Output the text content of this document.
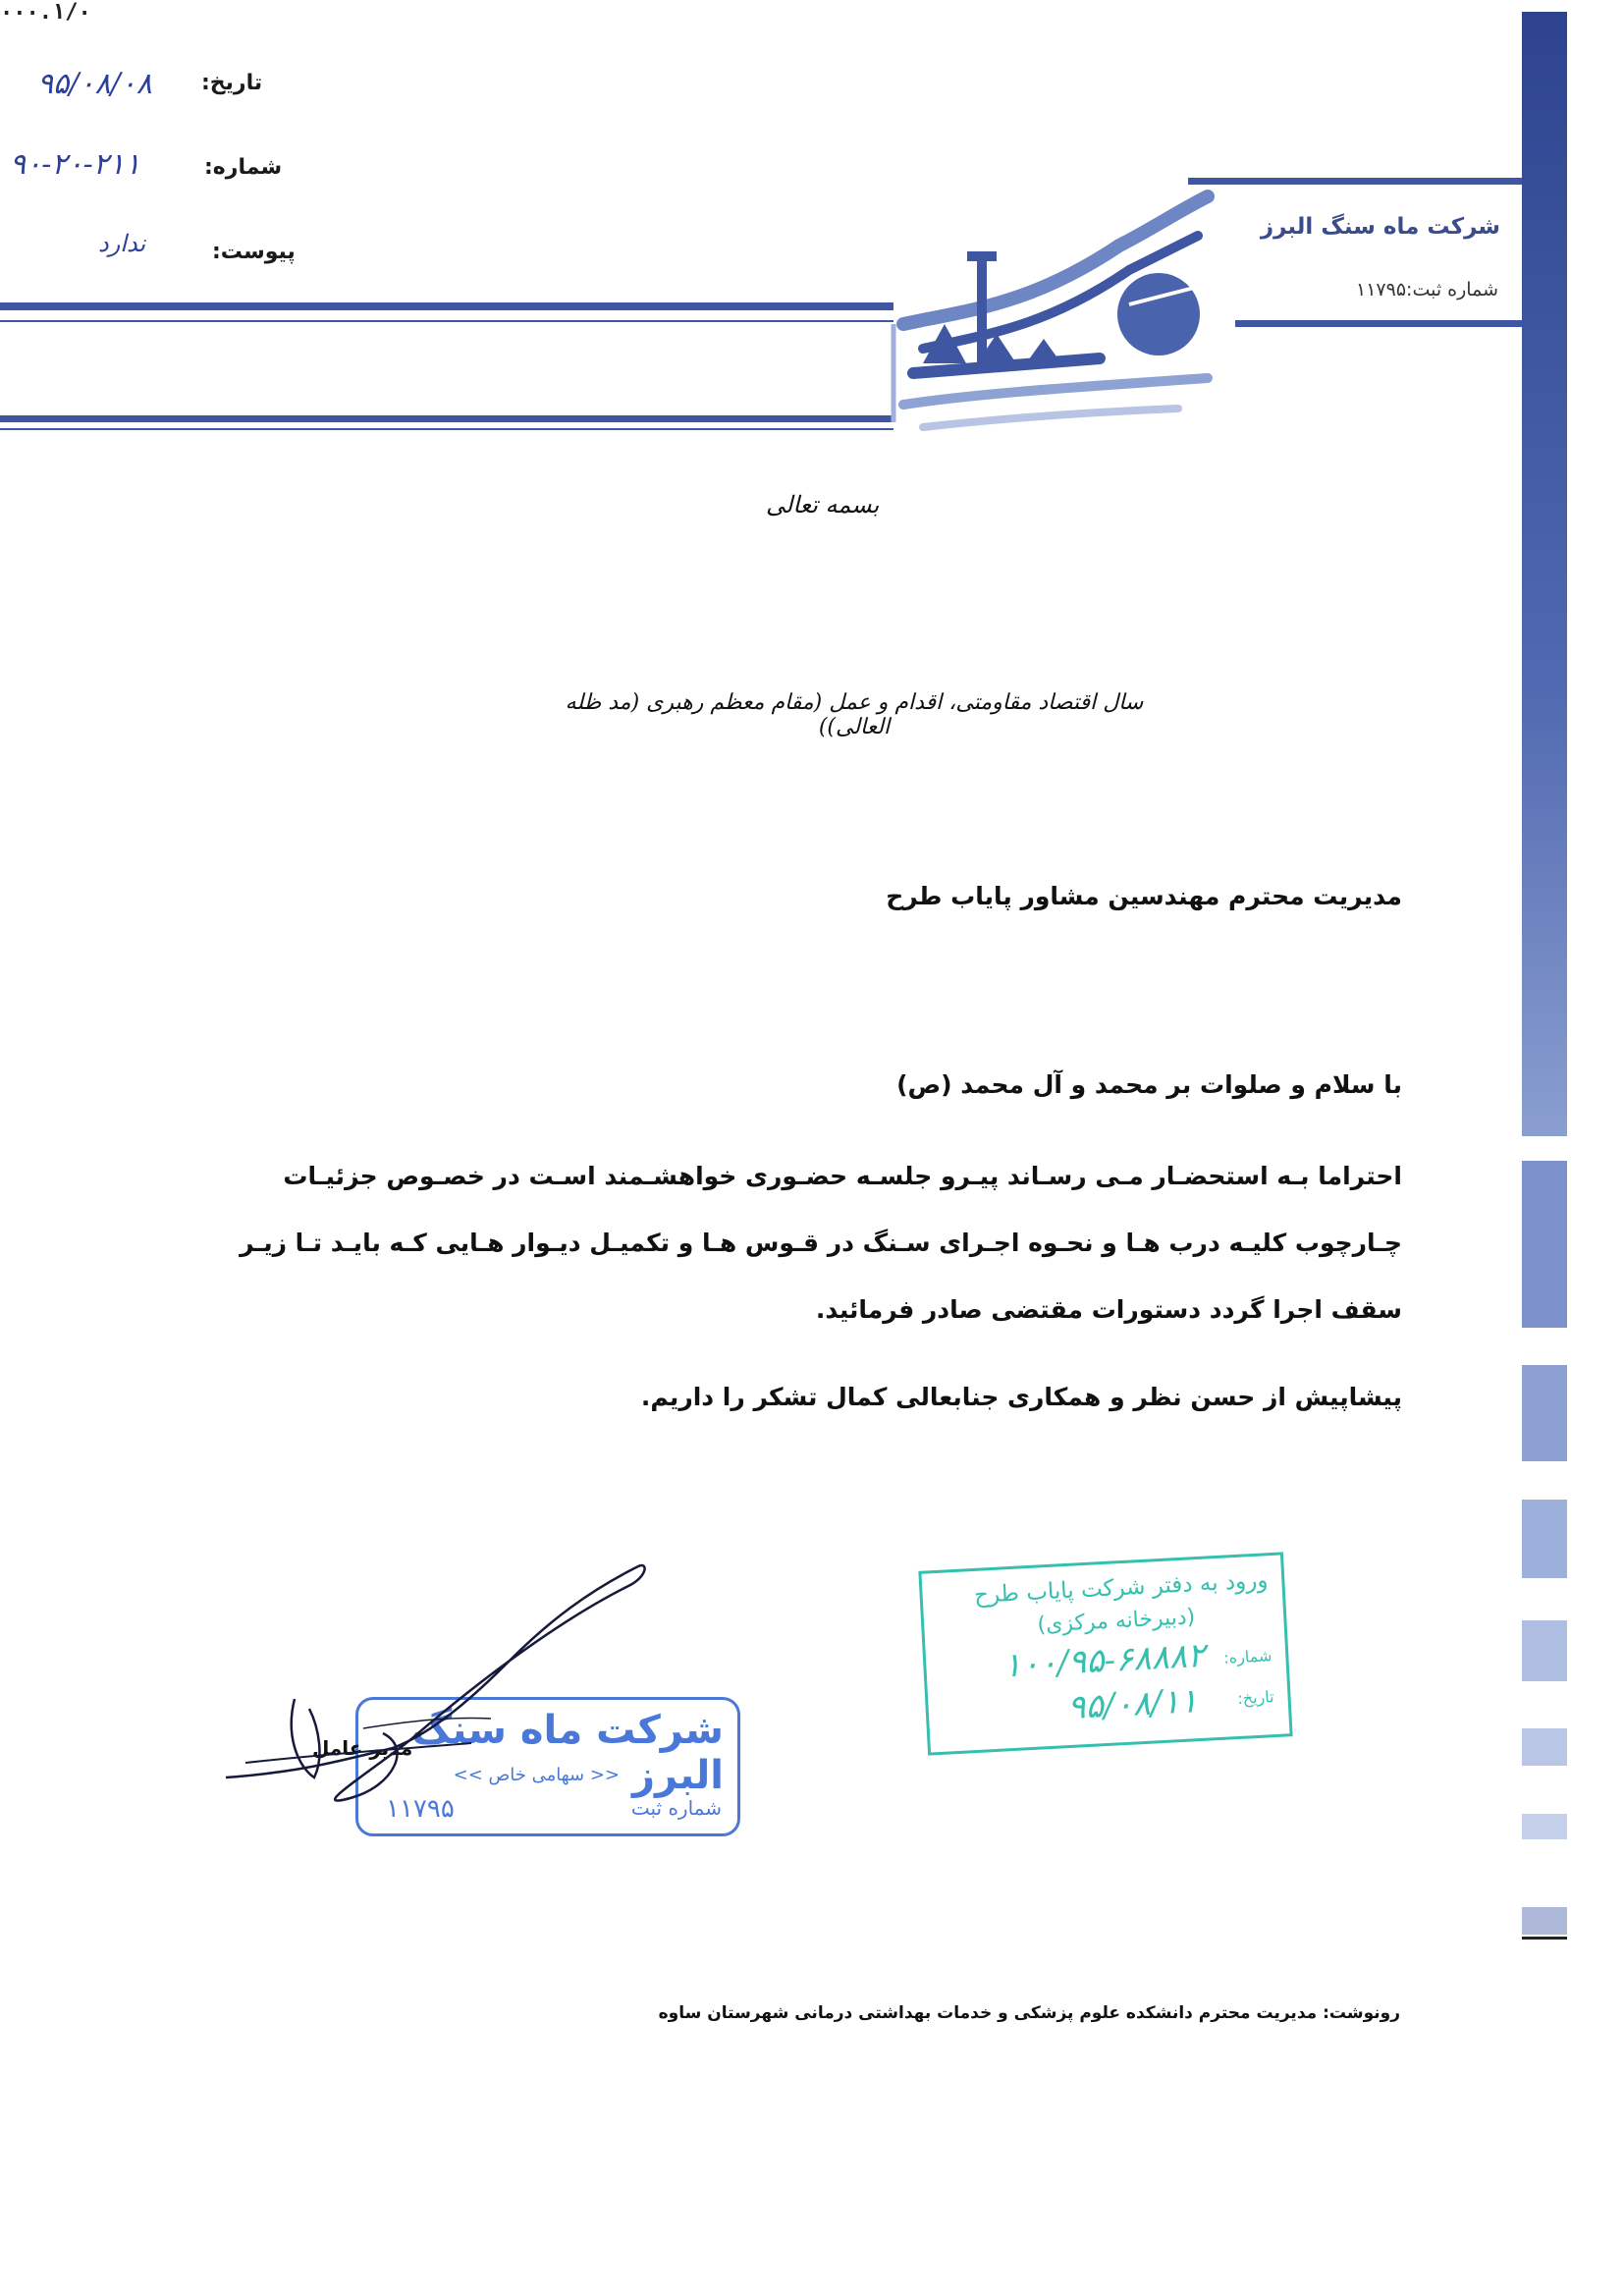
۰۰۰.۱/۰
تاریخ:
۹۵/۰۸/۰۸
شماره:
۹۰-۲۰-۲۱۱
پیوست:
ندارد
شرکت ماه سنگ البرز
شماره ثبت:۱۱۷۹۵
بسمه تعالی
سال اقتصاد مقاومتی، اقدام و عمل (مقام معظم رهبری (مد ظله العالی))
مدیریت محترم مهندسین مشاور پایاب طرح
با سلام و صلوات بر محمد و آل محمد (ص)
احتراما بـه استحضـار مـی رسـاند پیـرو جلسـه حضـوری خواهشـمند اسـت در خصـوص جزئیـات
چـارچوب کلیـه درب هـا و نحـوه اجـرای سـنگ در قـوس هـا و تکمیـل دیـوار هـایی کـه بایـد تـا زیـر
سقف اجرا گردد دستورات مقتضی صادر فرمائید.
پیشاپیش از حسن نظر و همکاری جنابعالی کمال تشکر را داریم.
ورود به دفتر شرکت پایاب طرح
(دبیرخانه مرکزی)
شماره:
۱۰۰/۹۵-۶۸۸۸۲
تاریخ:
۹۵/۰۸/۱۱
شرکت ماه سنگ البرز
<< سهامی خاص >>
شماره ثبت
۱۱۷۹۵
مدیر عامل
رونوشت: مدیریت محترم دانشکده علوم پزشکی و خدمات بهداشتی درمانی شهرستان ساوه
